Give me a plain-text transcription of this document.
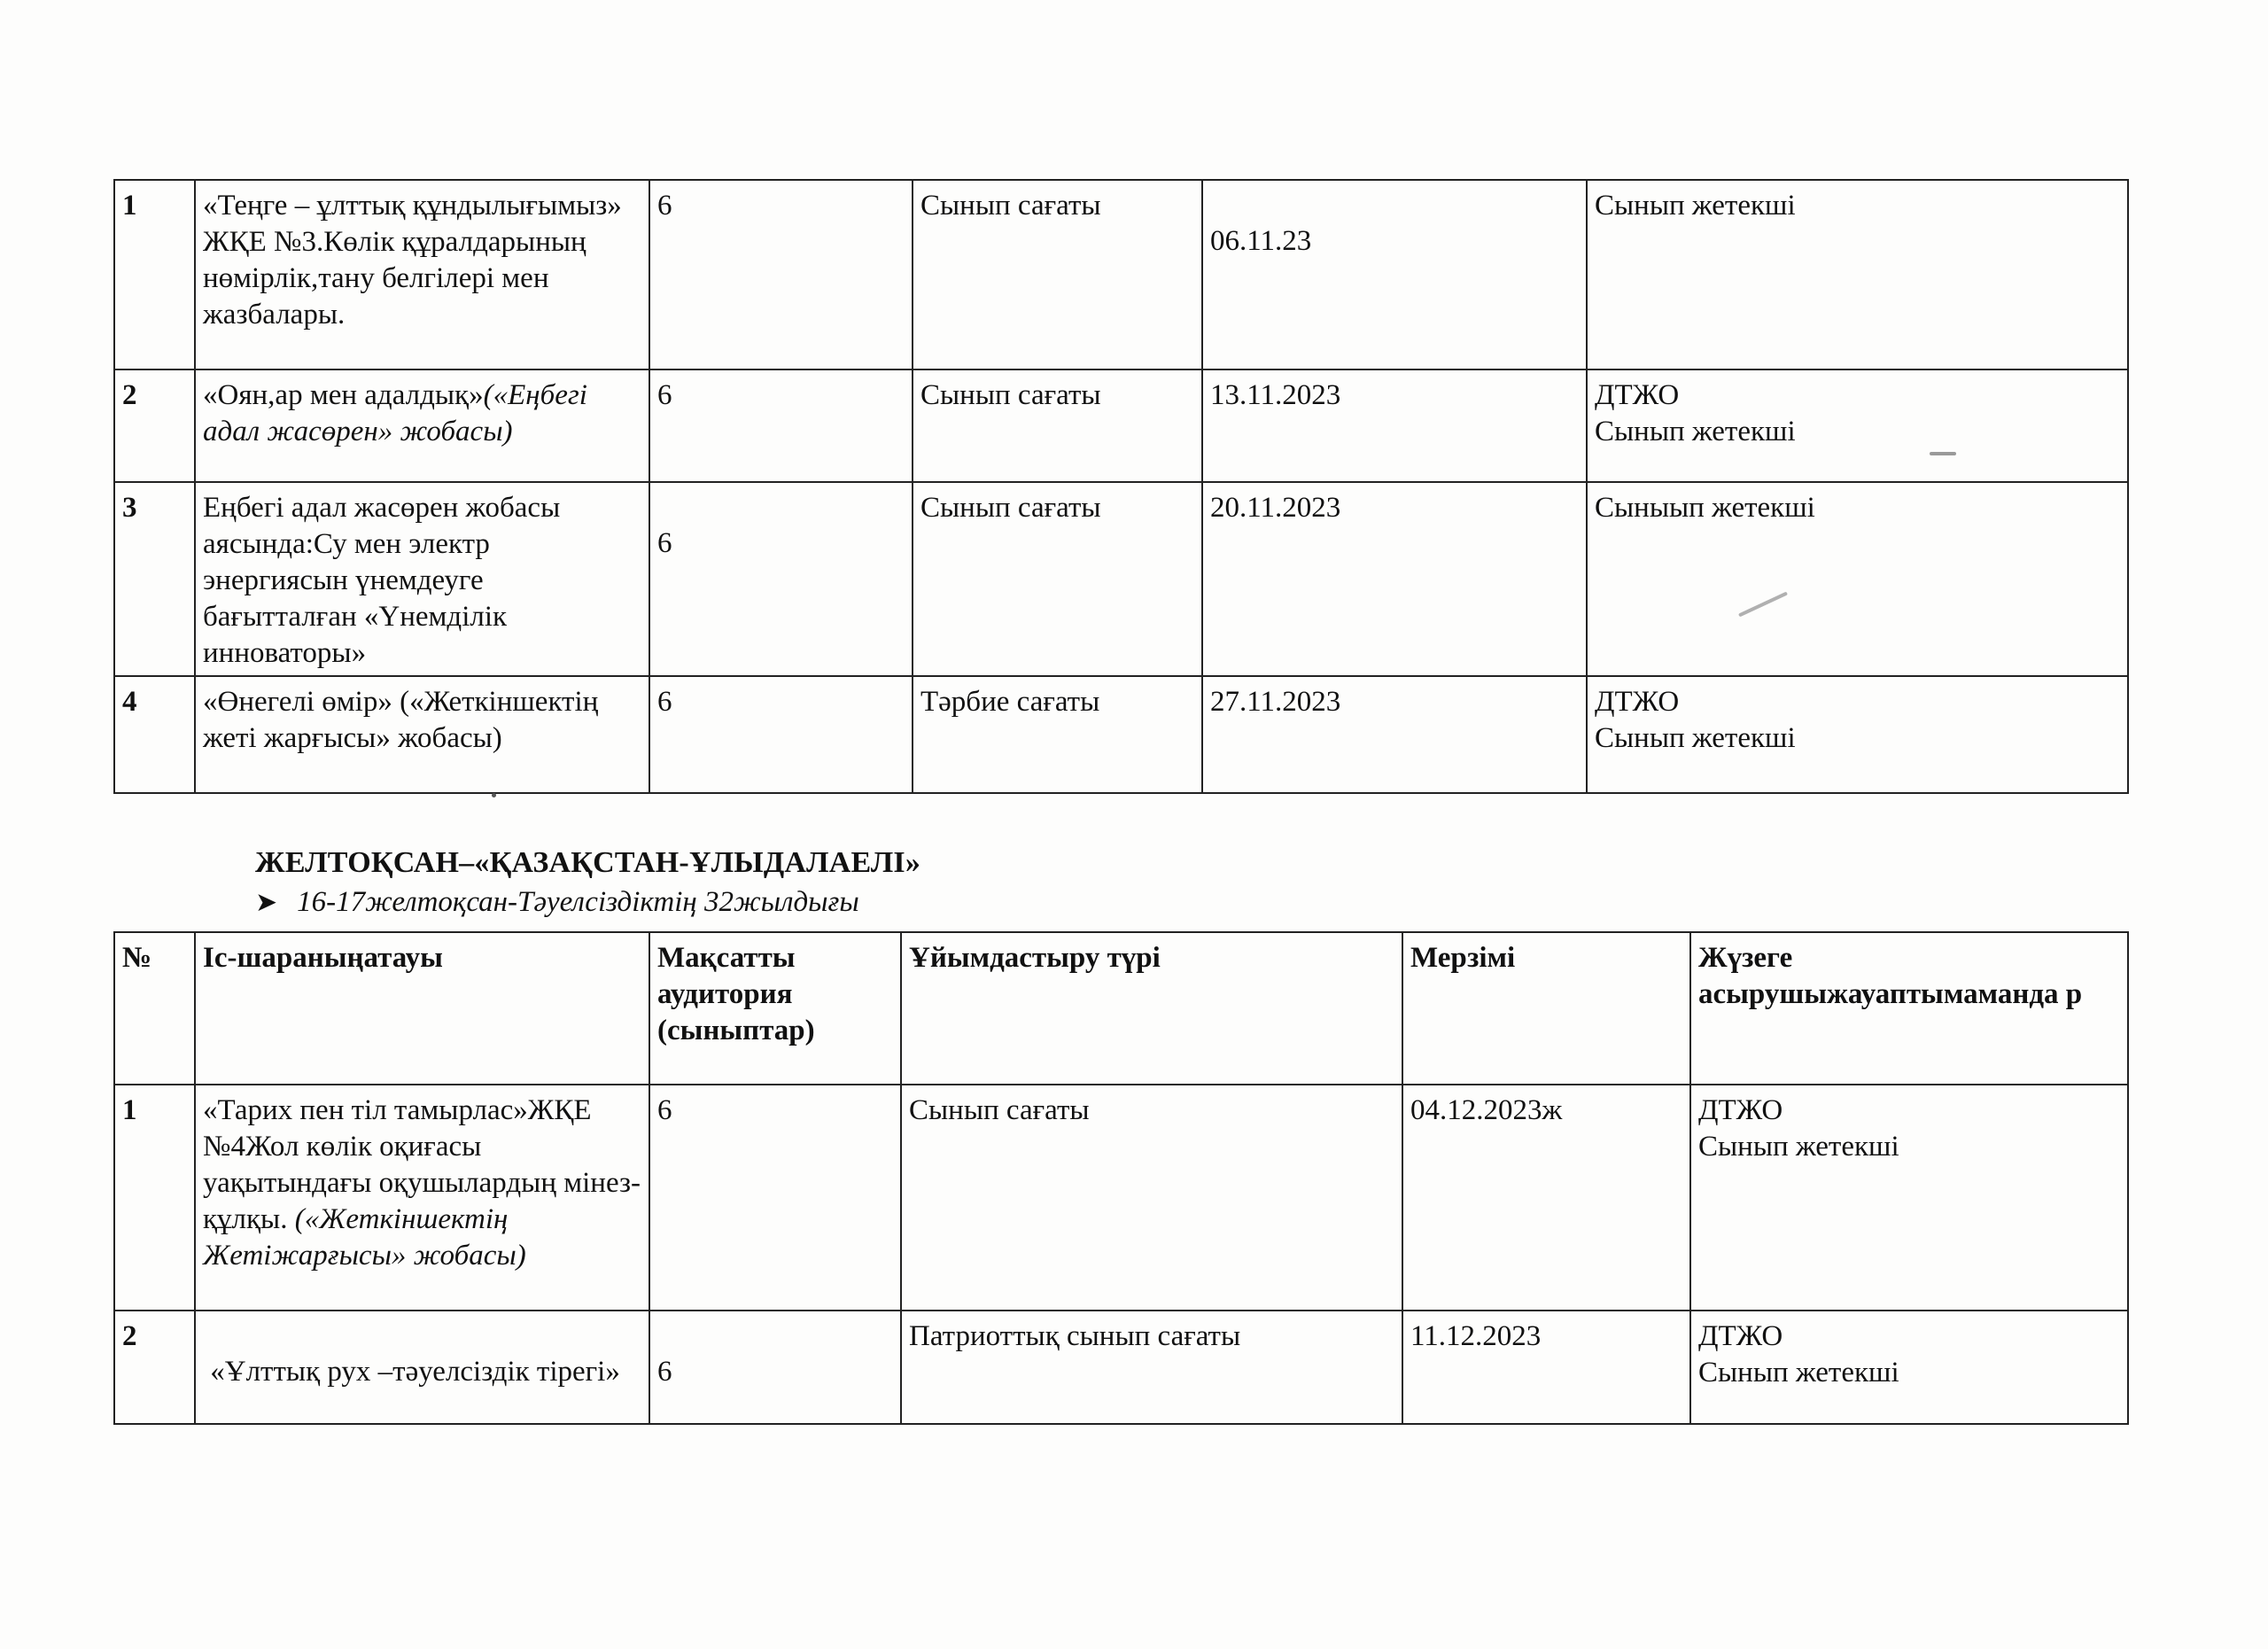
1	«Теңге – ұлттық құндылығымыз» ЖҚЕ №3.Көлік құралдарының нөмірлік,тану белгілері мен жазбалары.	6	Сынып сағаты	06.11.23	Сынып жетекші

2	«Оян,ар мен адалдық»(«Еңбегі адал жасөрен» жобасы)	6	Сынып сағаты	13.11.2023	ДТЖО
Сынып жетекші

3	Еңбегі адал жасөрен жобасы аясында:Су мен электр энергиясын үнемдеуге бағытталған «Үнемділік инноваторы»	6	Сынып сағаты	20.11.2023	Сыныып жетекші

4	«Өнегелі өмір» («Жеткіншектің жеті жарғысы» жобасы)	6	Тәрбие сағаты	27.11.2023	ДТЖО
Сынып жетекші
ЖЕЛТОҚСАН–«ҚАЗАҚСТАН-ҰЛЫДАЛАЕЛІ»
➤ 16-17желтоқсан-Тәуелсіздіктің 32жылдығы
№	Іс-шараныңатауы	Мақсатты аудитория (сыныптар)	Ұйымдастыру түрі	Мерзімі	Жүзеге асырушыжауаптымаманда р
1	«Тарих пен тіл тамырлас»ЖҚЕ №4Жол көлік оқиғасы уақытындағы оқушылардың мінез-құлқы. («Жеткіншектің Жетіжарғысы» жобасы)	6	Сынып сағаты	04.12.2023ж	ДТЖО
Сынып жетекші

2	«Ұлттық рух –тәуелсіздік тірегі»	6	Патриоттық сынып сағаты	11.12.2023	ДТЖО
Сынып жетекші
